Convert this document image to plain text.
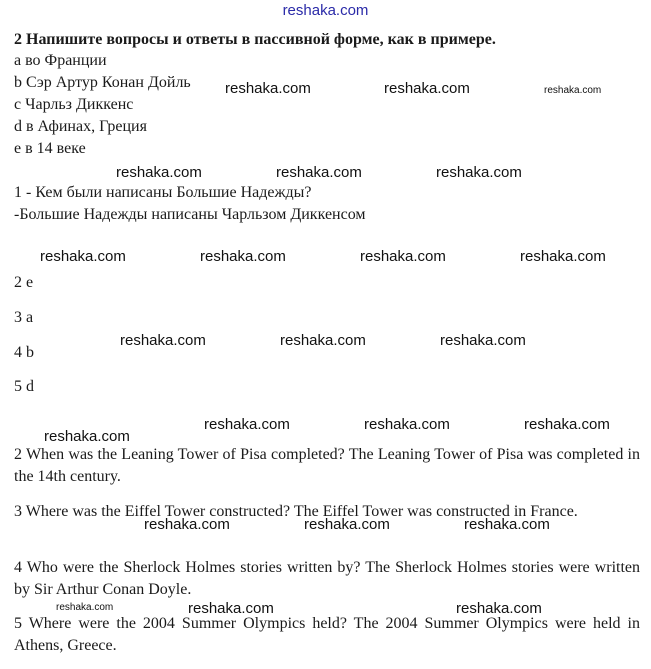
reshaka.com
2 Напишите вопросы и ответы в пассивной форме, как в примере.
a во Франции
b Сэр Артур Конан Дойль
c Чарльз Диккенс
d в Афинах, Греция
e в 14 веке
1 - Кем были написаны Большие Надежды?
-Большие Надежды написаны Чарльзом Диккенсом
2 e
3 a
4 b
5 d
2 When was the Leaning Tower of Pisa completed? The Leaning Tower of Pisa was completed in the 14th century.
3 Where was the Eiffel Tower constructed? The Eiffel Tower was constructed in France.
4 Who were the Sherlock Holmes stories written by? The Sherlock Holmes stories were written by Sir Arthur Conan Doyle.
5 Where were the 2004 Summer Olympics held? The 2004 Summer Olympics were held in Athens, Greece.
reshaka.com	reshaka.com	reshaka.com
reshaka.com	reshaka.com	reshaka.com
reshaka.com	reshaka.com	reshaka.com	reshaka.com
reshaka.com	reshaka.com	reshaka.com
reshaka.com	reshaka.com	reshaka.com
reshaka.com
reshaka.com	reshaka.com	reshaka.com
reshaka.com	reshaka.com	reshaka.com
